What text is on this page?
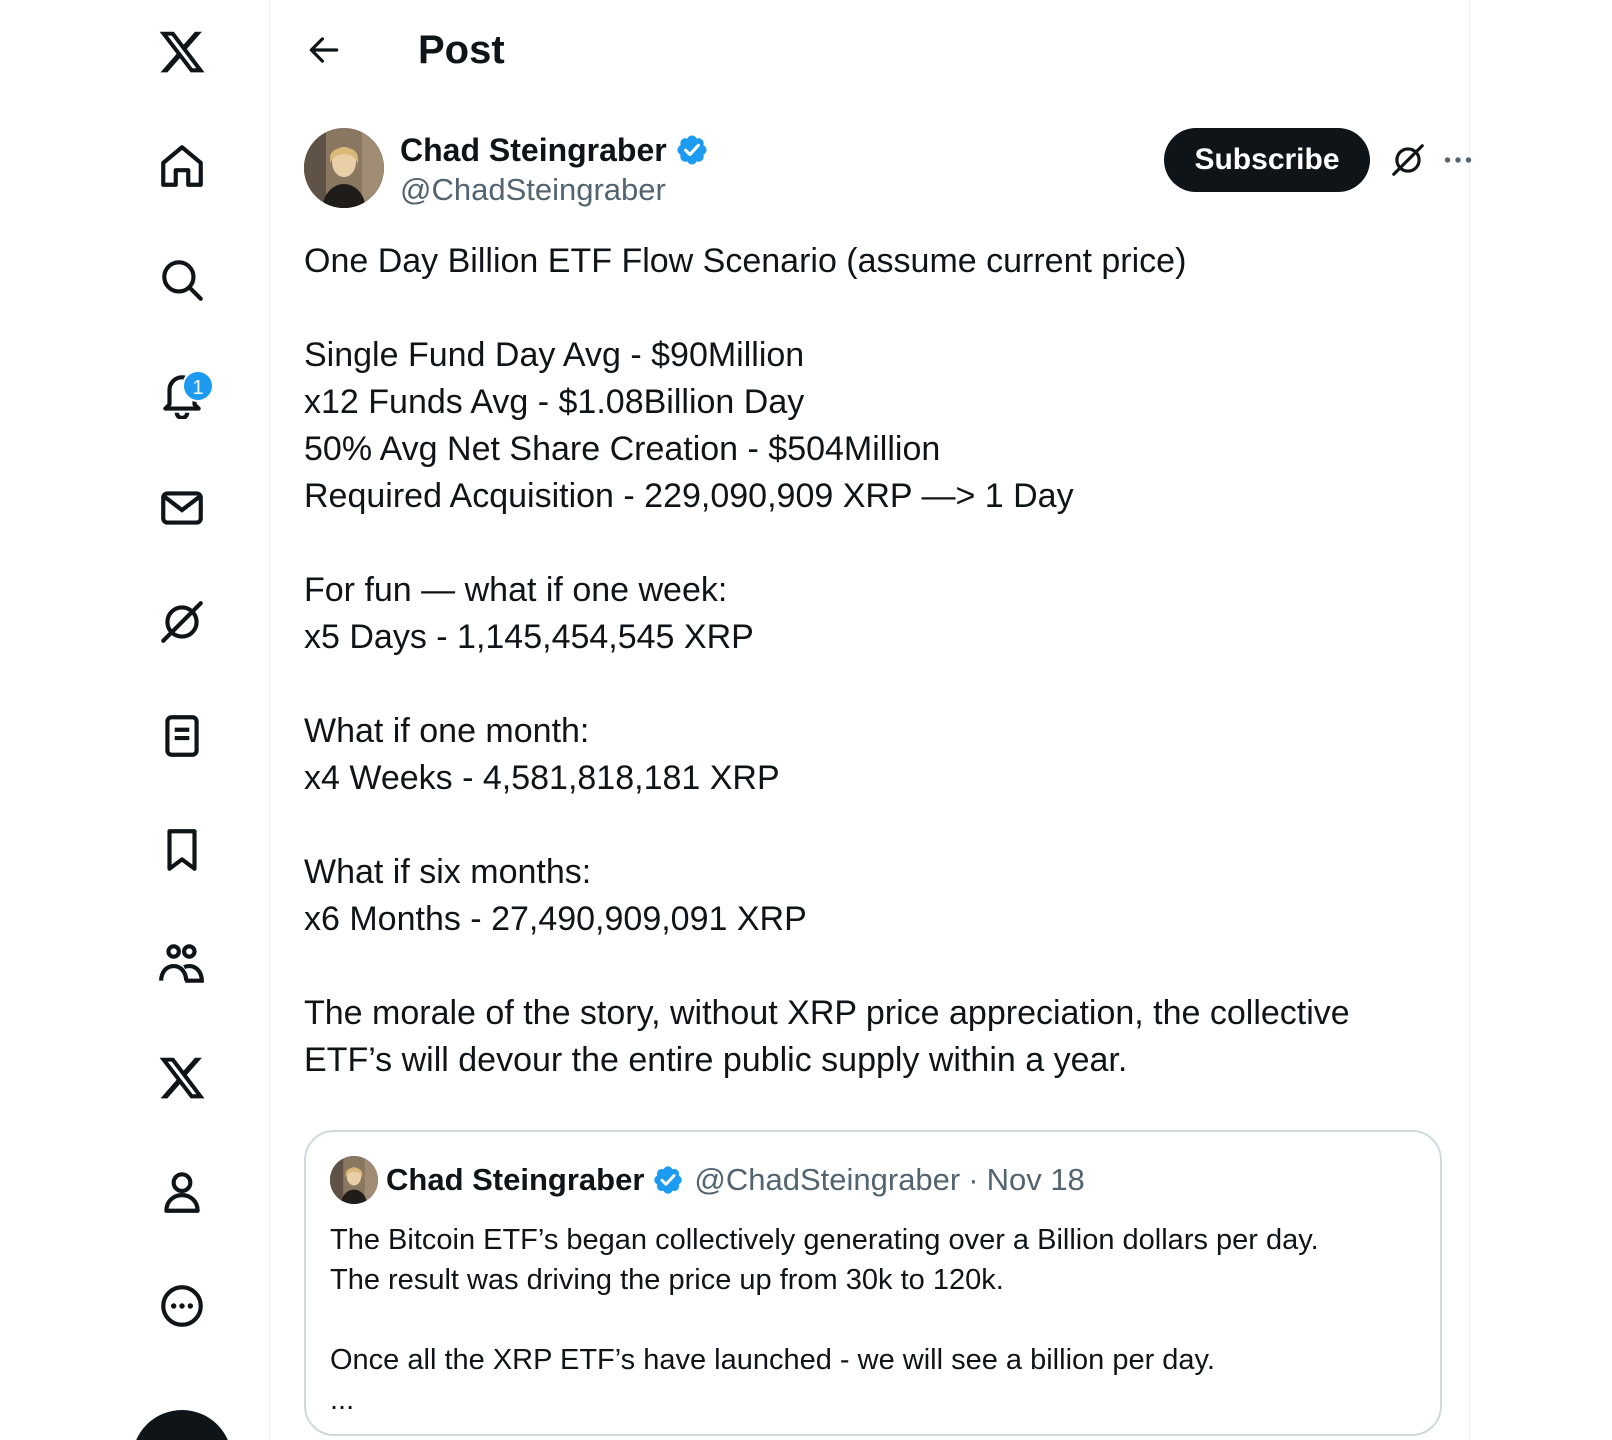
1
Post
Chad Steingraber
@ChadSteingraber
Subscribe
One Day Billion ETF Flow Scenario (assume current price)
Single Fund Day Avg - $90Million
x12 Funds Avg - $1.08Billion Day
50% Avg Net Share Creation - $504Million
Required Acquisition - 229,090,909 XRP —> 1 Day
For fun — what if one week:
x5 Days - 1,145,454,545 XRP
What if one month:
x4 Weeks - 4,581,818,181 XRP
What if six months:
x6 Months - 27,490,909,091 XRP
The morale of the story, without XRP price appreciation, the collective
ETF’s will devour the entire public supply within a year.
Chad Steingraber @ChadSteingraber · Nov 18
The Bitcoin ETF’s began collectively generating over a Billion dollars per day.
The result was driving the price up from 30k to 120k.
Once all the XRP ETF’s have launched - we will see a billion per day.
...
